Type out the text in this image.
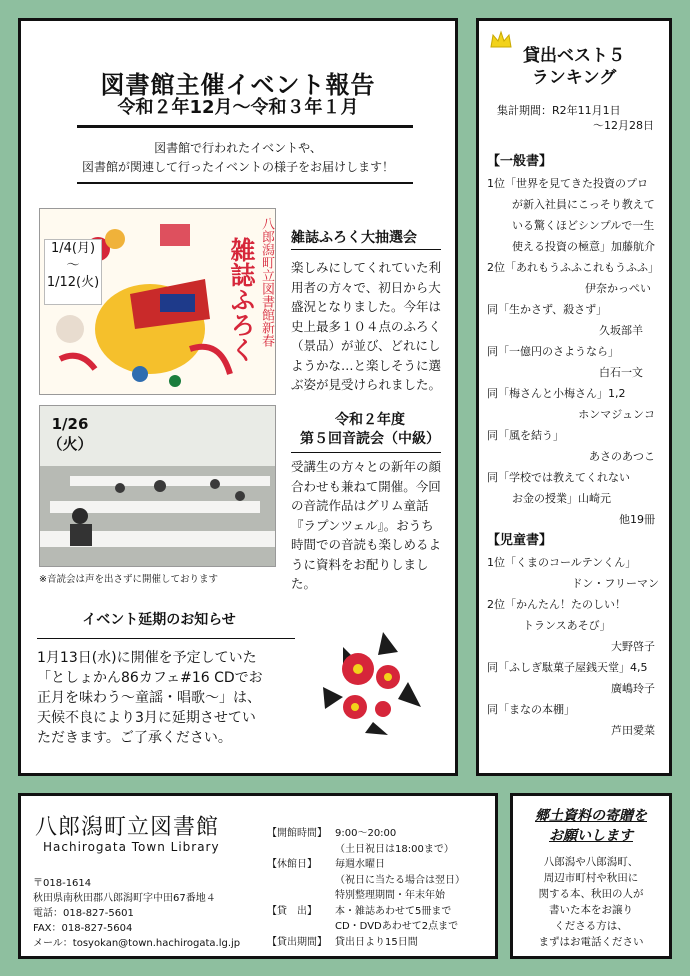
図書館主催イベント報告
令和２年12月～令和３年１月
図書館で行われたイベントや、
図書館が関連して行ったイベントの様子をお届けします！
1/4(月)
～
1/12(火)	八郎潟町立図書館新春
雑誌ふろく	雑誌ふろく大抽選会
楽しみにしてくれていた利
用者の方々で、初日から大
盛況となりました。今年は
史上最多１０４点のふろく
（景品）が並び、どれにし
ようかな…と楽しそうに選
ぶ姿が見受けられました。
1/26
（火）
令和２年度
第５回音読会（中級）
受講生の方々との新年の顔
合わせも兼ねて開催。今回
の音読作品はグリム童話
『ラプンツェル』。おうち
時間での音読も楽しめるよ
うに資料をお配りしました。
※音読会は声を出さずに開催しております
イベント延期のお知らせ
1月13日(水)に開催を予定していた
「としょかん86カフェ#16 CDでお
正月を味わう～童謡・唱歌～」は、
天候不良により3月に延期させてい
ただきます。ご了承ください。
貸出ベスト５
ランキング
集計期間：R2年11月1日
～12月28日
【一般書】
1位「世界を見てきた投資のプロ
が新入社員にこっそり教えて
いる驚くほどシンプルで一生
使える投資の極意」加藤航介
2位「あれもうふふこれもうふふ」
伊奈かっぺい
同「生かさず、殺さず」
久坂部羊
同「一億円のさようなら」
白石一文
同「梅さんと小梅さん」1,2
ホンマジュンコ
同「風を結う」
あさのあつこ
同「学校では教えてくれない
お金の授業」山崎元
他19冊
【児童書】
1位「くまのコールテンくん」
ドン・フリーマン
2位「かんたん！たのしい！
トランスあそび」
大野啓子
同「ふしぎ駄菓子屋銭天堂」4,5
廣嶋玲子
同「まなの本棚」
芦田愛菜
八郎潟町立図書館
Hachirogata Town Library
〒018-1614
秋田県南秋田郡八郎潟町字中田67番地４
電話：018-827-5601
FAX：018-827-5604
メール：tosyokan@town.hachirogata.lg.jp
【開館時間】 9:00～20:00
（土日祝日は18:00まで）
【休館日】 毎週水曜日
（祝日に当たる場合は翌日）
特別整理期間・年末年始
【貸　出】 本・雑誌あわせて5冊まで
CD・DVDあわせて2点まで
【貸出期間】 貸出日より15日間
郷土資料の寄贈を
お願いします
八郎潟や八郎潟町、
周辺市町村や秋田に
関する本、秋田の人が
書いた本をお譲り
くださる方は、
まずはお電話ください
